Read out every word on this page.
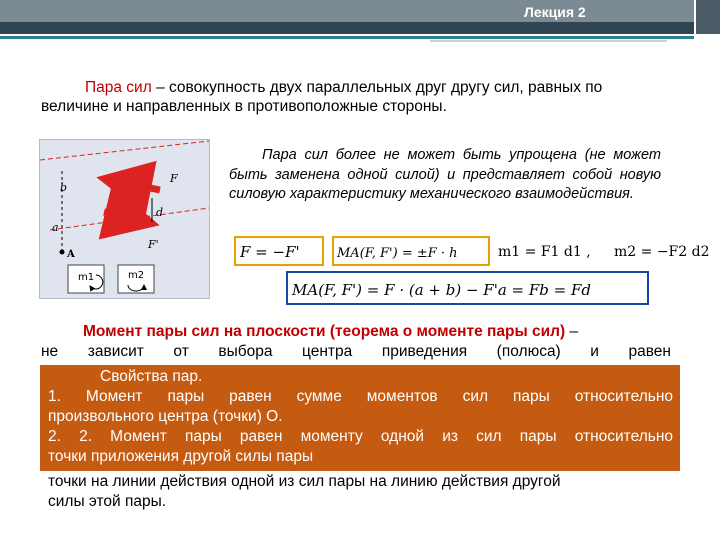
Лекция 2
Пара сил – совокупность двух параллельных друг другу сил, равных по величине и направленных в противоположные стороны.
b
F
d
a
F'
A
m1	m2
Пара сил более не может быть упрощена (не может быть заменена одной силой) и представляет собой новую силовую характеристику механического взаимодействия.
F = −F'	MA(F, F') = ±F · h	m1 = F1 d1 , m2 = −F2 d2
MA(F, F') = F · (a + b) − F'a = Fb = Fd
Момент пары сил на плоскости (теорема о моменте пары сил) –
не зависит от выбора центра приведения (полюса) и равен
Свойства пар.
1. Момент пары равен сумме моментов сил пары относительно
произвольного центра (точки) О.
2. 2. Момент пары равен моменту одной из сил пары относительно
точки приложения другой силы пары
точки на линии действия одной из сил пары на линию действия другой
силы этой пары.
